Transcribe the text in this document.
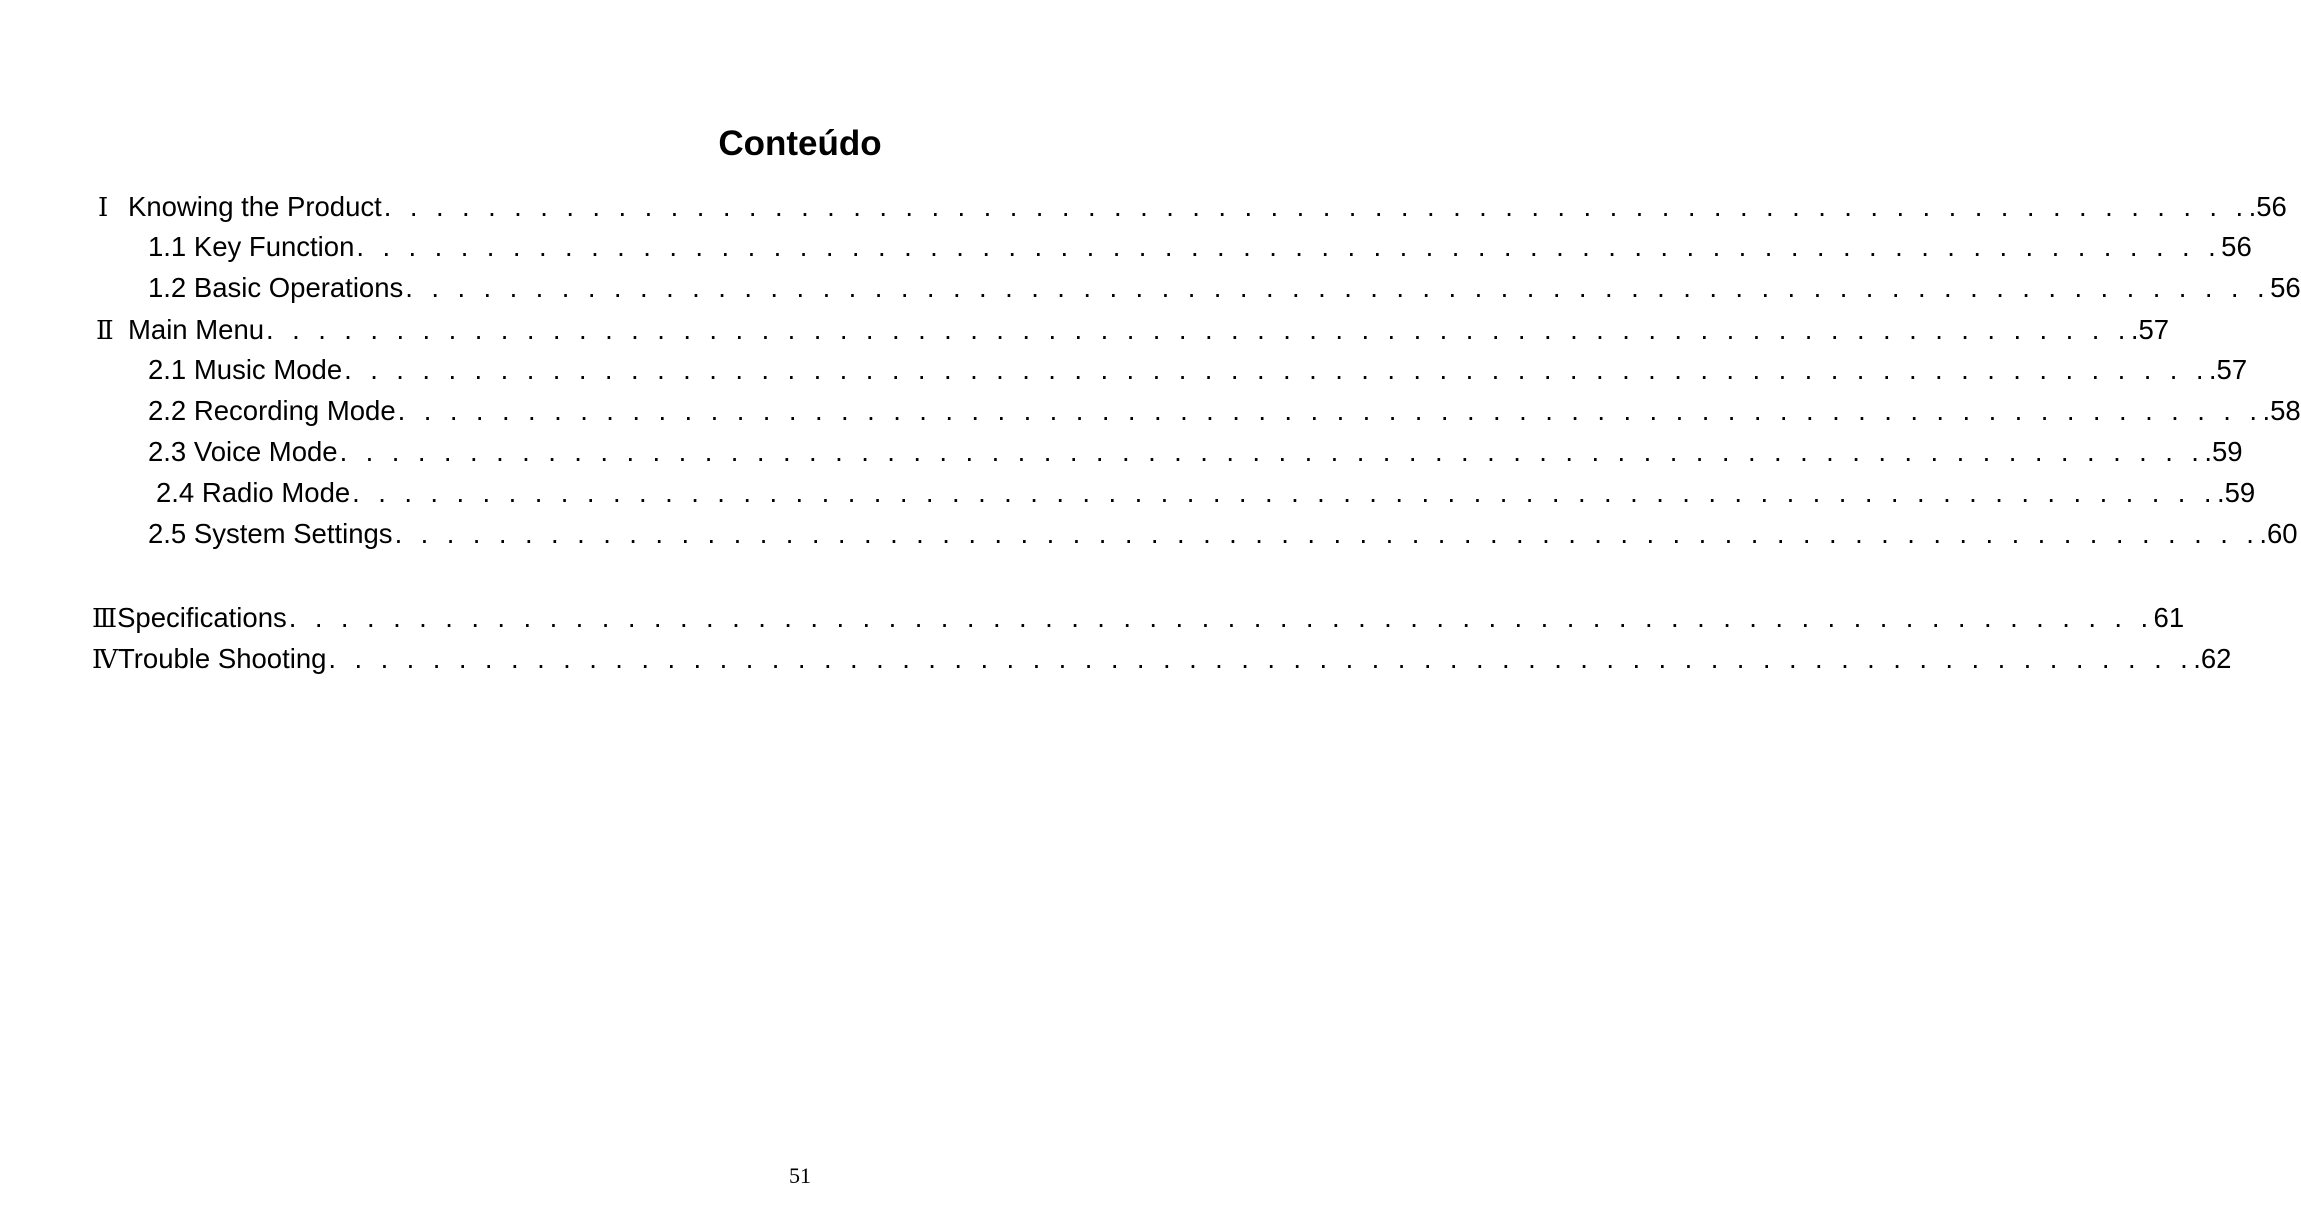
Conteúdo
Ⅰ Knowing the Product . . . . . . . . . . . . . . . . . . . . . . . . . . . . . . . . . . . . . . . . . . . . . . . . . . . . . . . . . . . . . . . . . . . . . . . . .56
1.1 Key Function . . . . . . . . . . . . . . . . . . . . . . . . . . . . . . . . . . . . . . . . . . . . . . . . . . . . . . . . . . . . . . . . . . . . . . . . 56
1.2 Basic Operations . . . . . . . . . . . . . . . . . . . . . . . . . . . . . . . . . . . . . . . . . . . . . . . . . . . . . . . . . . . . . . . . . . . . . . . . 56
Ⅱ Main Menu . . . . . . . . . . . . . . . . . . . . . . . . . . . . . . . . . . . . . . . . . . . . . . . . . . . . . . . . . . . . . . . . . . . . . . . . .57
2.1 Music Mode . . . . . . . . . . . . . . . . . . . . . . . . . . . . . . . . . . . . . . . . . . . . . . . . . . . . . . . . . . . . . . . . . . . . . . . . .57
2.2 Recording Mode . . . . . . . . . . . . . . . . . . . . . . . . . . . . . . . . . . . . . . . . . . . . . . . . . . . . . . . . . . . . . . . . . . . . . . . . .58
2.3 Voice Mode . . . . . . . . . . . . . . . . . . . . . . . . . . . . . . . . . . . . . . . . . . . . . . . . . . . . . . . . . . . . . . . . . . . . . . . . .59
2.4 Radio Mode . . . . . . . . . . . . . . . . . . . . . . . . . . . . . . . . . . . . . . . . . . . . . . . . . . . . . . . . . . . . . . . . . . . . . . . . .59
2.5 System Settings . . . . . . . . . . . . . . . . . . . . . . . . . . . . . . . . . . . . . . . . . . . . . . . . . . . . . . . . . . . . . . . . . . . . . . . . .60
Ⅲ Specifications . . . . . . . . . . . . . . . . . . . . . . . . . . . . . . . . . . . . . . . . . . . . . . . . . . . . . . . . . . . . . . . . . . . . . . . . 61
Ⅳ Trouble Shooting . . . . . . . . . . . . . . . . . . . . . . . . . . . . . . . . . . . . . . . . . . . . . . . . . . . . . . . . . . . . . . . . . . . . . . . . .62
51
